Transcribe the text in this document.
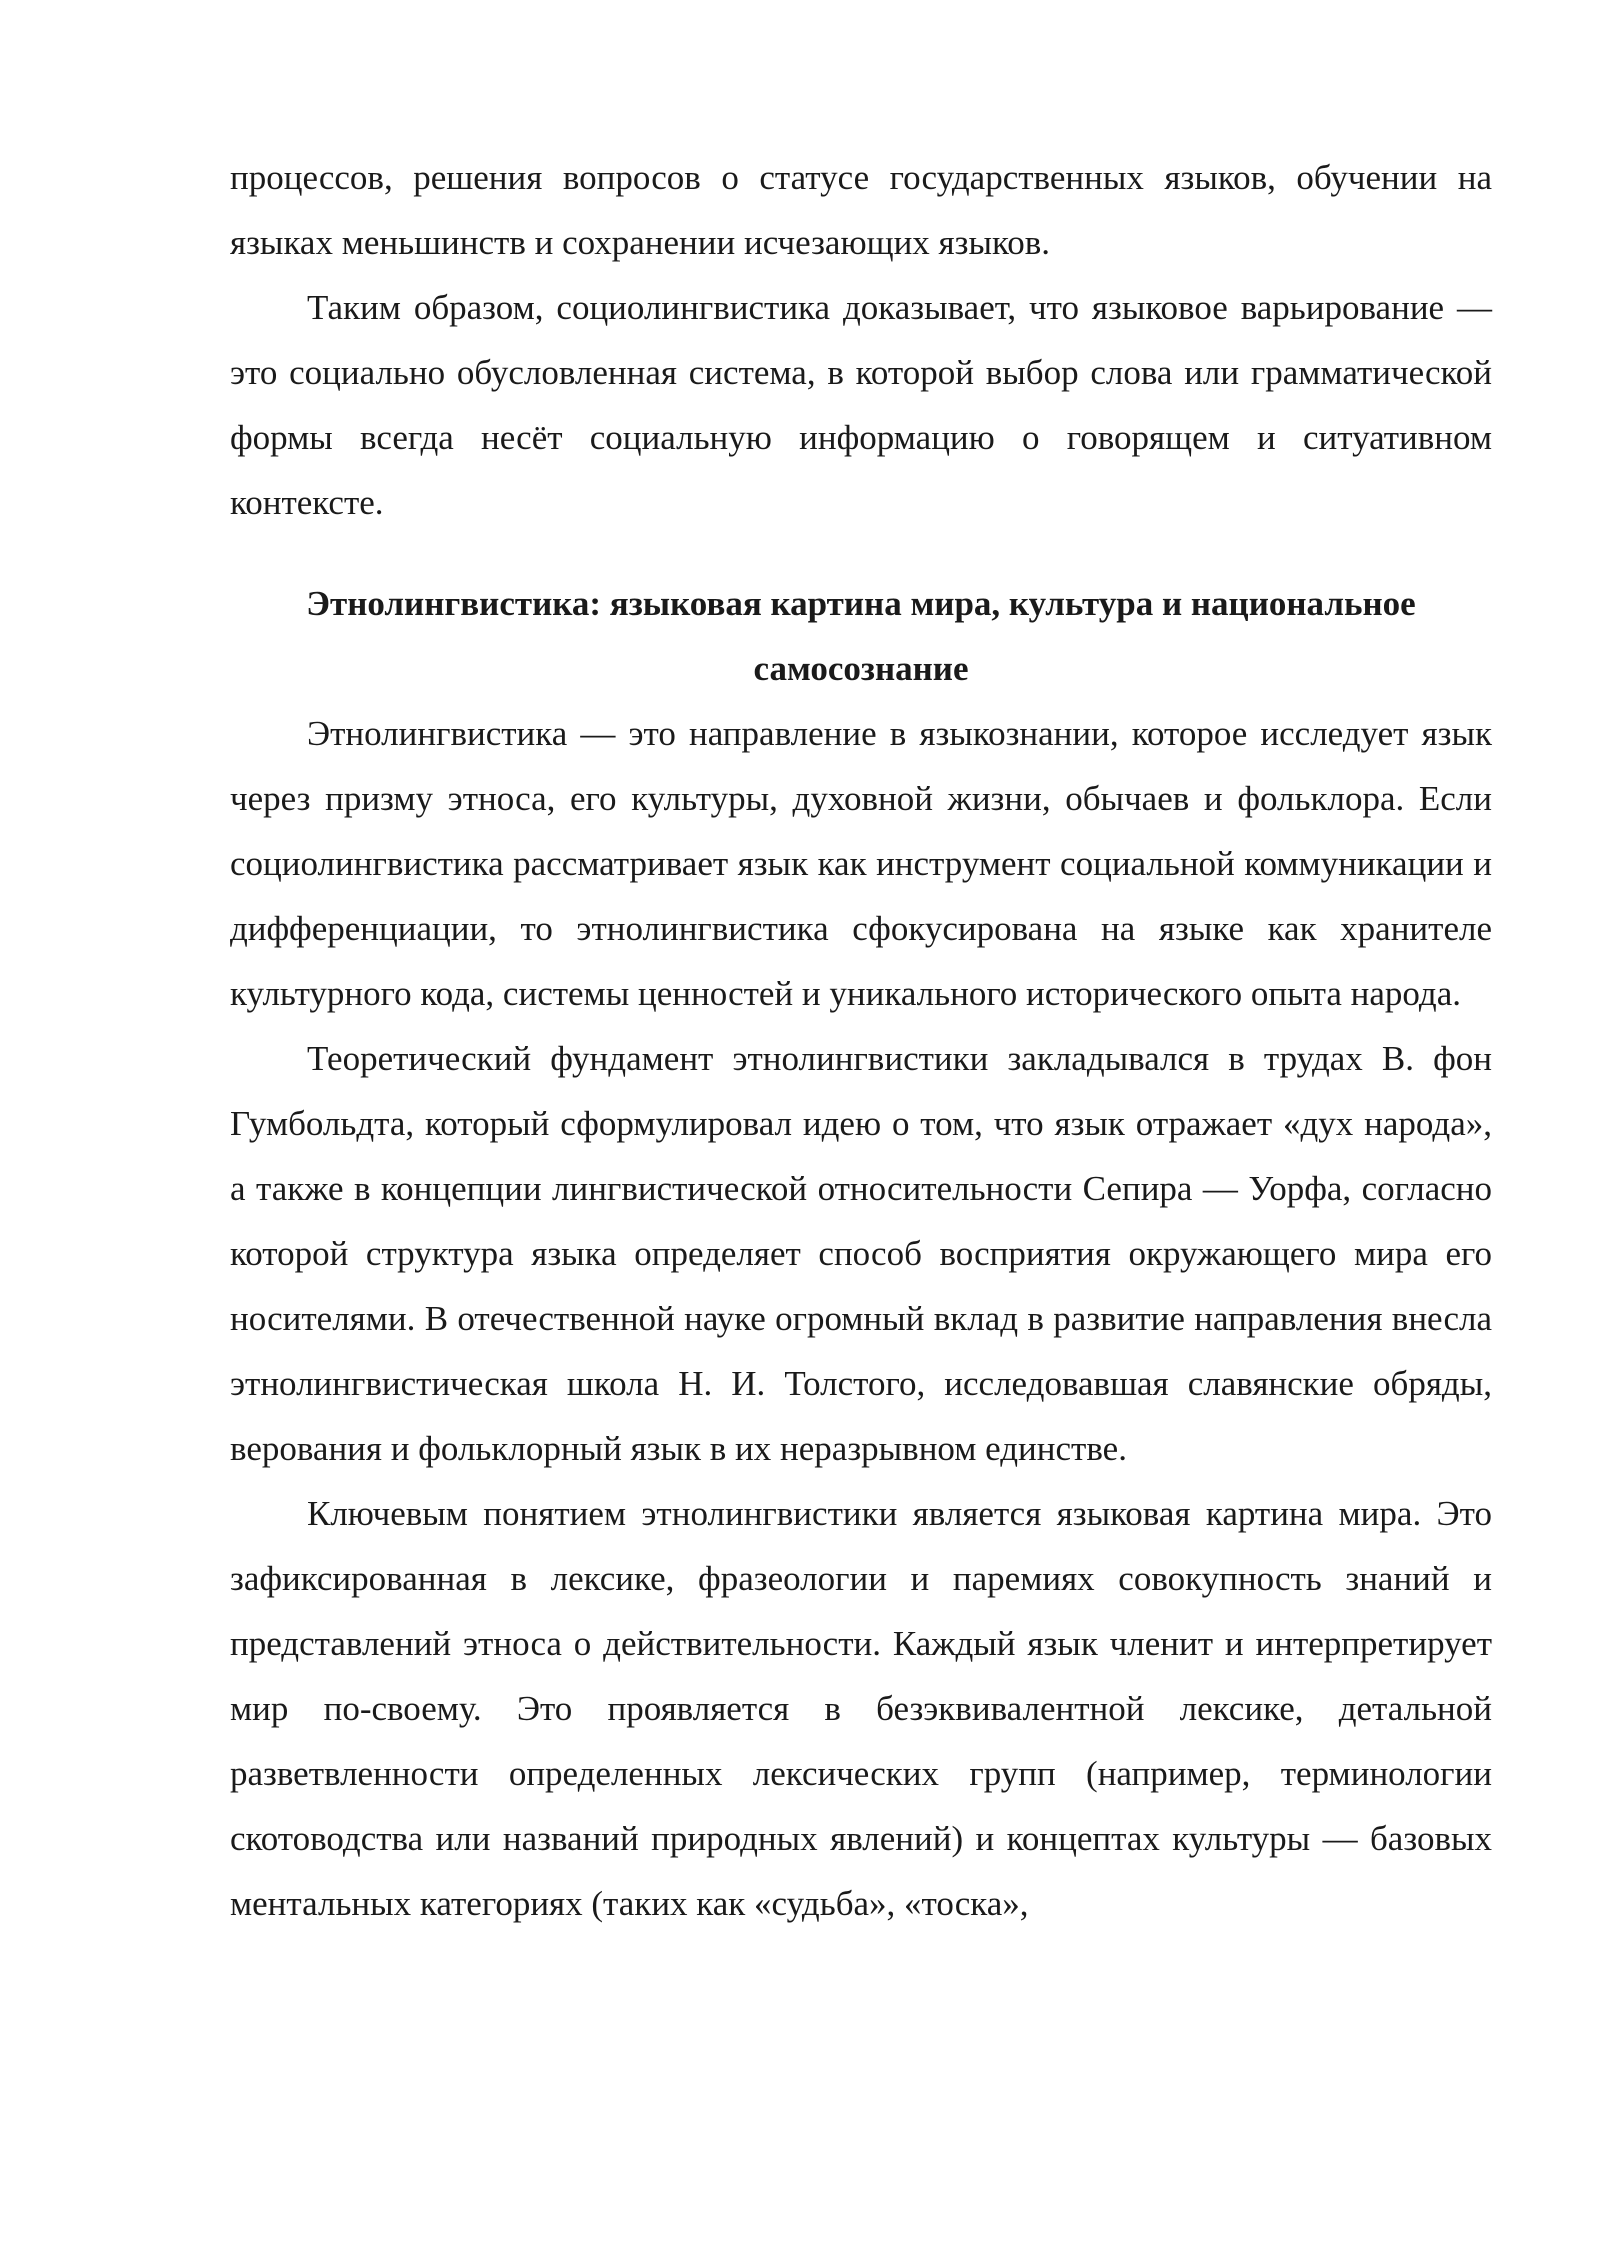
процессов, решения вопросов о статусе государственных языков, обучении на языках меньшинств и сохранении исчезающих языков.

Таким образом, социолингвистика доказывает, что языковое варьирование — это социально обусловленная система, в которой выбор слова или грамматической формы всегда несёт социальную информацию о говорящем и ситуативном контексте.

Этнолингвистика: языковая картина мира, культура и национальное самосознание

Этнолингвистика — это направление в языкознании, которое исследует язык через призму этноса, его культуры, духовной жизни, обычаев и фольклора. Если социолингвистика рассматривает язык как инструмент социальной коммуникации и дифференциации, то этнолингвистика сфокусирована на языке как хранителе культурного кода, системы ценностей и уникального исторического опыта народа.

Теоретический фундамент этнолингвистики закладывался в трудах В. фон Гумбольдта, который сформулировал идею о том, что язык отражает «дух народа», а также в концепции лингвистической относительности Сепира — Уорфа, согласно которой структура языка определяет способ восприятия окружающего мира его носителями. В отечественной науке огромный вклад в развитие направления внесла этнолингвистическая школа Н. И. Толстого, исследовавшая славянские обряды, верования и фольклорный язык в их неразрывном единстве.

Ключевым понятием этнолингвистики является языковая картина мира. Это зафиксированная в лексике, фразеологии и паремиях совокупность знаний и представлений этноса о действительности. Каждый язык членит и интерпретирует мир по-своему. Это проявляется в безэквивалентной лексике, детальной разветвленности определенных лексических групп (например, терминологии скотоводства или названий природных явлений) и концептах культуры — базовых ментальных категориях (таких как «судьба», «тоска»,
